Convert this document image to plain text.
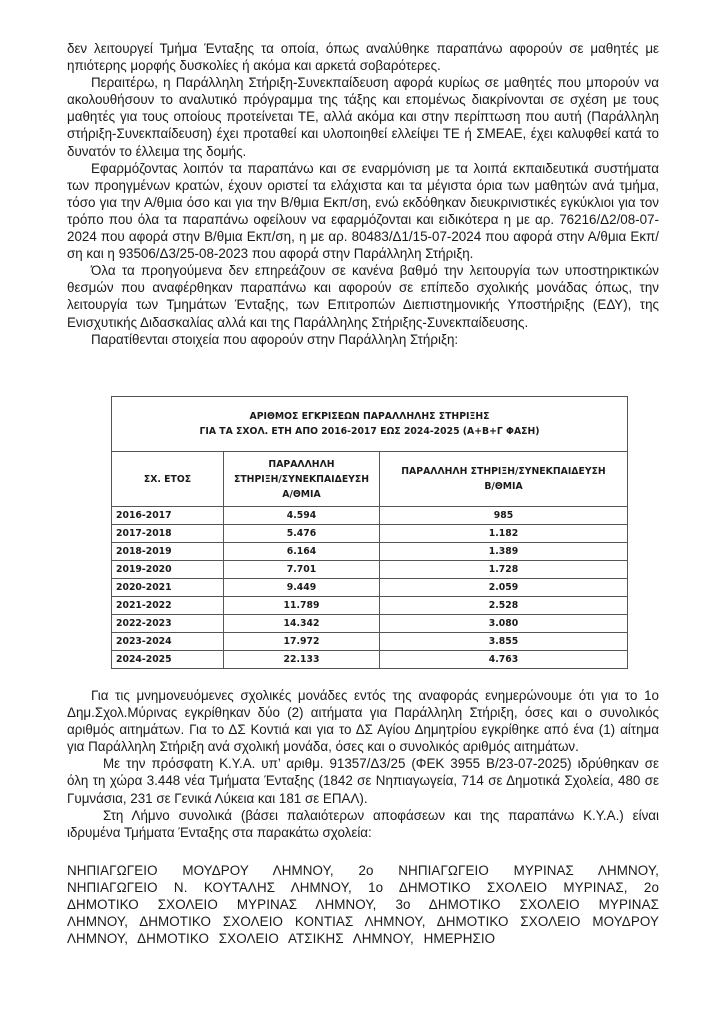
δεν λειτουργεί Τμήμα Ένταξης τα οποία, όπως αναλύθηκε παραπάνω αφορούν σε μαθητές με ηπιότερης μορφής δυσκολίες ή ακόμα και αρκετά σοβαρότερες.

Περαιτέρω, η Παράλληλη Στήριξη-Συνεκπαίδευση αφορά κυρίως σε μαθητές που μπορούν να ακολουθήσουν το αναλυτικό πρόγραμμα της τάξης και επομένως διακρίνονται σε σχέση με τους μαθητές για τους οποίους προτείνεται ΤΕ, αλλά ακόμα και στην περίπτωση που αυτή (Παράλληλη στήριξη-Συνεκπαίδευση) έχει προταθεί και υλοποιηθεί ελλείψει ΤΕ ή ΣΜΕΑΕ, έχει καλυφθεί κατά το δυνατόν το έλλειμα της δομής.

Εφαρμόζοντας λοιπόν τα παραπάνω και σε εναρμόνιση με τα λοιπά εκπαιδευτικά συστήματα των προηγμένων κρατών, έχουν οριστεί τα ελάχιστα και τα μέγιστα όρια των μαθητών ανά τμήμα, τόσο για την Α/θμια όσο και για την Β/θμια Εκπ/ση, ενώ εκδόθηκαν διευκρινιστικές εγκύκλιοι για τον τρόπο που όλα τα παραπάνω οφείλουν να εφαρμόζονται και ειδικότερα η με αρ. 76216/Δ2/08-07-2024 που αφορά στην Β/θμια Εκπ/ση, η με αρ. 80483/Δ1/15-07-2024 που αφορά στην Α/θμια Εκπ/ση και η 93506/Δ3/25-08-2023 που αφορά στην Παράλληλη Στήριξη.

Όλα τα προηγούμενα δεν επηρεάζουν σε κανένα βαθμό την λειτουργία των υποστηρικτικών θεσμών που αναφέρθηκαν παραπάνω και αφορούν σε επίπεδο σχολικής μονάδας όπως, την λειτουργία των Τμημάτων Ένταξης, των Επιτροπών Διεπιστημονικής Υποστήριξης (ΕΔΥ), της Ενισχυτικής Διδασκαλίας αλλά και της Παράλληλης Στήριξης-Συνεκπαίδευσης.

Παρατίθενται στοιχεία που αφορούν στην Παράλληλη Στήριξη:

ΑΡΙΘΜΟΣ ΕΓΚΡΙΣΕΩΝ ΠΑΡΑΛΛΗΛΗΣ ΣΤΗΡΙΞΗΣ
ΓΙΑ ΤΑ ΣΧΟΛ. ΕΤΗ ΑΠΟ 2016-2017 ΕΩΣ 2024-2025 (Α+Β+Γ ΦΑΣΗ)		

ΣΧ. ΕΤΟΣ	
ΠΑΡΑΛΛΗΛΗ
ΣΤΗΡΙΞΗ/ΣΥΝΕΚΠΑΙΔΕΥΣΗ
Α/ΘΜΙΑ

ΠΑΡΑΛΛΗΛΗ ΣΤΗΡΙΞΗ/ΣΥΝΕΚΠΑΙΔΕΥΣΗ
Β/ΘΜΙΑ

2016-2017	4.594	985
2017-2018	5.476	1.182
2018-2019	6.164	1.389
2019-2020	7.701	1.728
2020-2021	9.449	2.059
2021-2022	11.789	2.528
2022-2023	14.342	3.080
2023-2024	17.972	3.855
2024-2025	22.133	4.763

Για τις μνημονευόμενες σχολικές μονάδες εντός της αναφοράς ενημερώνουμε ότι για το 1ο Δημ.Σχολ.Μύρινας εγκρίθηκαν δύο (2) αιτήματα για Παράλληλη Στήριξη, όσες και ο συνολικός αριθμός αιτημάτων. Για το ΔΣ Κοντιά και για το ΔΣ Αγίου Δημητρίου εγκρίθηκε από ένα (1) αίτημα για Παράλληλη Στήριξη ανά σχολική μονάδα, όσες και ο συνολικός αριθμός αιτημάτων.

Με την πρόσφατη Κ.Υ.Α. υπ’ αριθμ. 91357/Δ3/25 (ΦΕΚ 3955 Β/23-07-2025) ιδρύθηκαν σε όλη τη χώρα 3.448 νέα Τμήματα Ένταξης (1842 σε Νηπιαγωγεία, 714 σε Δημοτικά Σχολεία, 480 σε Γυμνάσια, 231 σε Γενικά Λύκεια και 181 σε ΕΠΑΛ).

Στη Λήμνο συνολικά (βάσει παλαιότερων αποφάσεων και της παραπάνω Κ.Υ.Α.) είναι ιδρυμένα Τμήματα Ένταξης στα παρακάτω σχολεία:

ΝΗΠΙΑΓΩΓΕΙΟ ΜΟΥΔΡΟΥ ΛΗΜΝΟΥ, 2ο ΝΗΠΙΑΓΩΓΕΙΟ ΜΥΡΙΝΑΣ ΛΗΜΝΟΥ, ΝΗΠΙΑΓΩΓΕΙΟ Ν. ΚΟΥΤΑΛΗΣ ΛΗΜΝΟΥ, 1ο ΔΗΜΟΤΙΚΟ ΣΧΟΛΕΙΟ ΜΥΡΙΝΑΣ, 2ο ΔΗΜΟΤΙΚΟ ΣΧΟΛΕΙΟ ΜΥΡΙΝΑΣ ΛΗΜΝΟΥ, 3ο ΔΗΜΟΤΙΚΟ ΣΧΟΛΕΙΟ ΜΥΡΙΝΑΣ ΛΗΜΝΟΥ, ΔΗΜΟΤΙΚΟ ΣΧΟΛΕΙΟ ΚΟΝΤΙΑΣ ΛΗΜΝΟΥ, ΔΗΜΟΤΙΚΟ ΣΧΟΛΕΙΟ ΜΟΥΔΡΟΥ ΛΗΜΝΟΥ, ΔΗΜΟΤΙΚΟ ΣΧΟΛΕΙΟ ΑΤΣΙΚΗΣ ΛΗΜΝΟΥ, ΗΜΕΡΗΣΙΟ
